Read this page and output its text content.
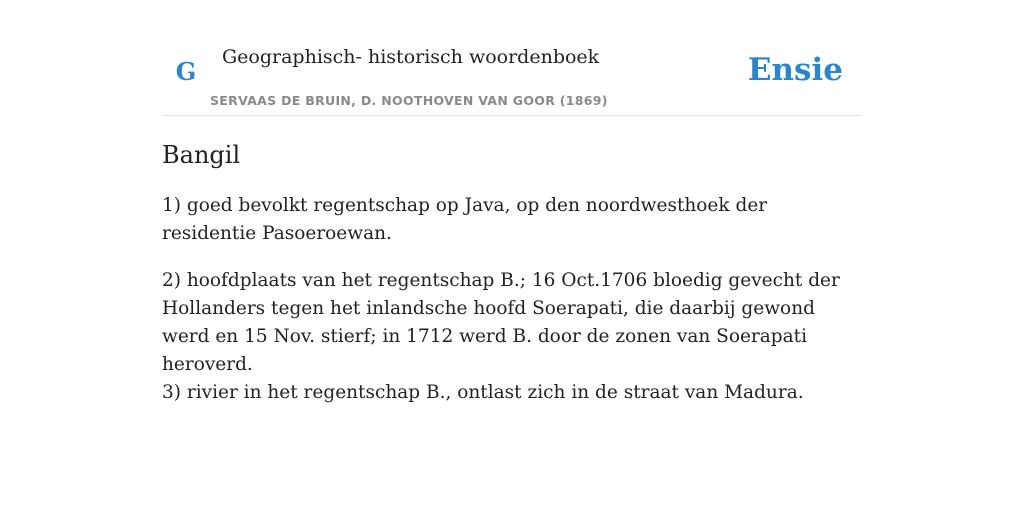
G	Geographisch- historisch woordenboek
SERVAAS DE BRUIN, D. NOOTHOVEN VAN GOOR (1869)
Ensie
Bangil

1) goed bevolkt regentschap op Java, op den noordwesthoek der residentie Pasoeroewan.

2) hoofdplaats van het regentschap B.; 16 Oct.1706 bloedig gevecht der Hollanders tegen het inlandsche hoofd Soerapati, die daarbij gewond werd en 15 Nov. stierf; in 1712 werd B. door de zonen van Soerapati heroverd.

3) rivier in het regentschap B., ontlast zich in de straat van Madura.
